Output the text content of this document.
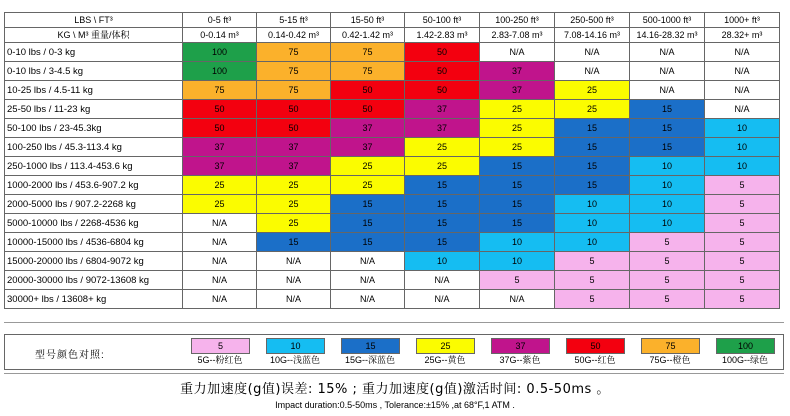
LBS \ FT³	0-5 ft³	5-15 ft³	15-50 ft³	50-100 ft³	100-250 ft³	250-500 ft³	500-1000 ft³	1000+ ft³
KG \ M³ 重量/体积	0-0.14 m³	0.14-0.42 m³	0.42-1.42 m³	1.42-2.83 m³	2.83-7.08 m³	7.08-14.16 m³	14.16-28.32 m³	28.32+ m³
0-10 lbs / 0-3 kg	100	75	75	50	N/A	N/A	N/A	N/A
0-10 lbs / 3-4.5 kg	100	75	75	50	37	N/A	N/A	N/A
10-25 lbs / 4.5-11 kg	75	75	50	50	37	25	N/A	N/A
25-50 lbs / 11-23 kg	50	50	50	37	25	25	15	N/A
50-100 lbs / 23-45.3kg	50	50	37	37	25	15	15	10
100-250 lbs / 45.3-113.4 kg	37	37	37	25	25	15	15	10
250-1000 lbs / 113.4-453.6 kg	37	37	25	25	15	15	10	10
1000-2000 lbs / 453.6-907.2 kg	25	25	25	15	15	15	10	5
2000-5000 lbs / 907.2-2268 kg	25	25	15	15	15	10	10	5
5000-10000 lbs / 2268-4536 kg	N/A	25	15	15	15	10	10	5
10000-15000 lbs / 4536-6804 kg	N/A	15	15	15	10	10	5	5
15000-20000 lbs / 6804-9072 kg	N/A	N/A	N/A	10	10	5	5	5
20000-30000 lbs / 9072-13608 kg	N/A	N/A	N/A	N/A	5	5	5	5
30000+ lbs / 13608+ kg	N/A	N/A	N/A	N/A	N/A	5	5	5
型号颜色对照:
5
5G--粉红色
10
10G--浅蓝色
15
15G--深蓝色
25
25G--黄色
37
37G--紫色
50
50G--红色
75
75G--橙色
100
100G--绿色
重力加速度(g值)误差: 15% ; 重力加速度(g值)激活时间: 0.5-50ms 。
Impact duration:0.5-50ms , Tolerance:±15% ,at 68°F,1 ATM .
